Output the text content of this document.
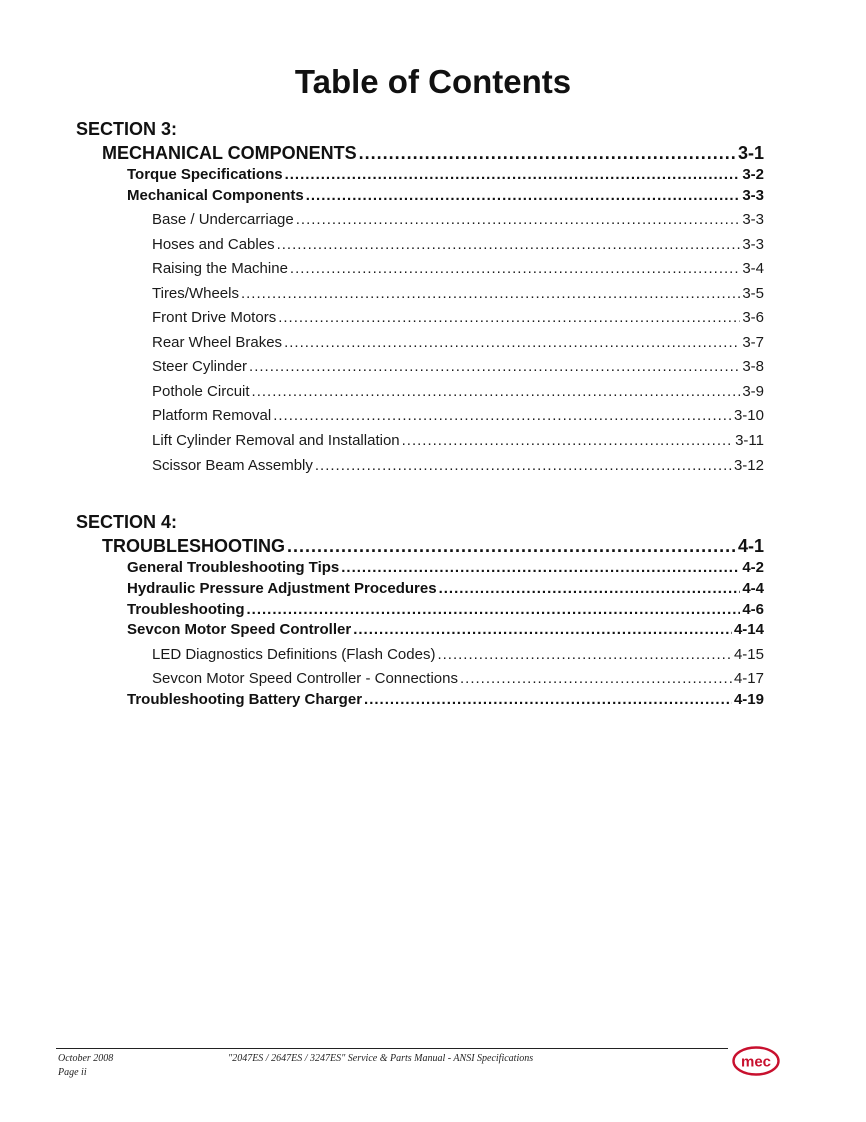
Table of Contents
SECTION 3:
MECHANICAL COMPONENTS .....	3-1
Torque Specifications .....	3-2
Mechanical Components .....	3-3
Base / Undercarriage .....	3-3
Hoses and Cables .....	3-3
Raising the Machine .....	3-4
Tires/Wheels .....	3-5
Front Drive Motors .....	3-6
Rear Wheel Brakes .....	3-7
Steer Cylinder .....	3-8
Pothole Circuit .....	3-9
Platform Removal .....	3-10
Lift Cylinder Removal and Installation .....	3-11
Scissor Beam Assembly .....	3-12
SECTION 4:
TROUBLESHOOTING .....	4-1
General Troubleshooting Tips .....	4-2
Hydraulic Pressure Adjustment Procedures .....	4-4
Troubleshooting .....	4-6
Sevcon Motor Speed Controller .....	4-14
LED Diagnostics Definitions (Flash Codes) .....	4-15
Sevcon Motor Speed Controller - Connections .....	4-17
Troubleshooting Battery Charger .....	4-19
October 2008
Page ii
"2047ES / 2647ES / 3247ES" Service & Parts Manual - ANSI Specifications	mec
